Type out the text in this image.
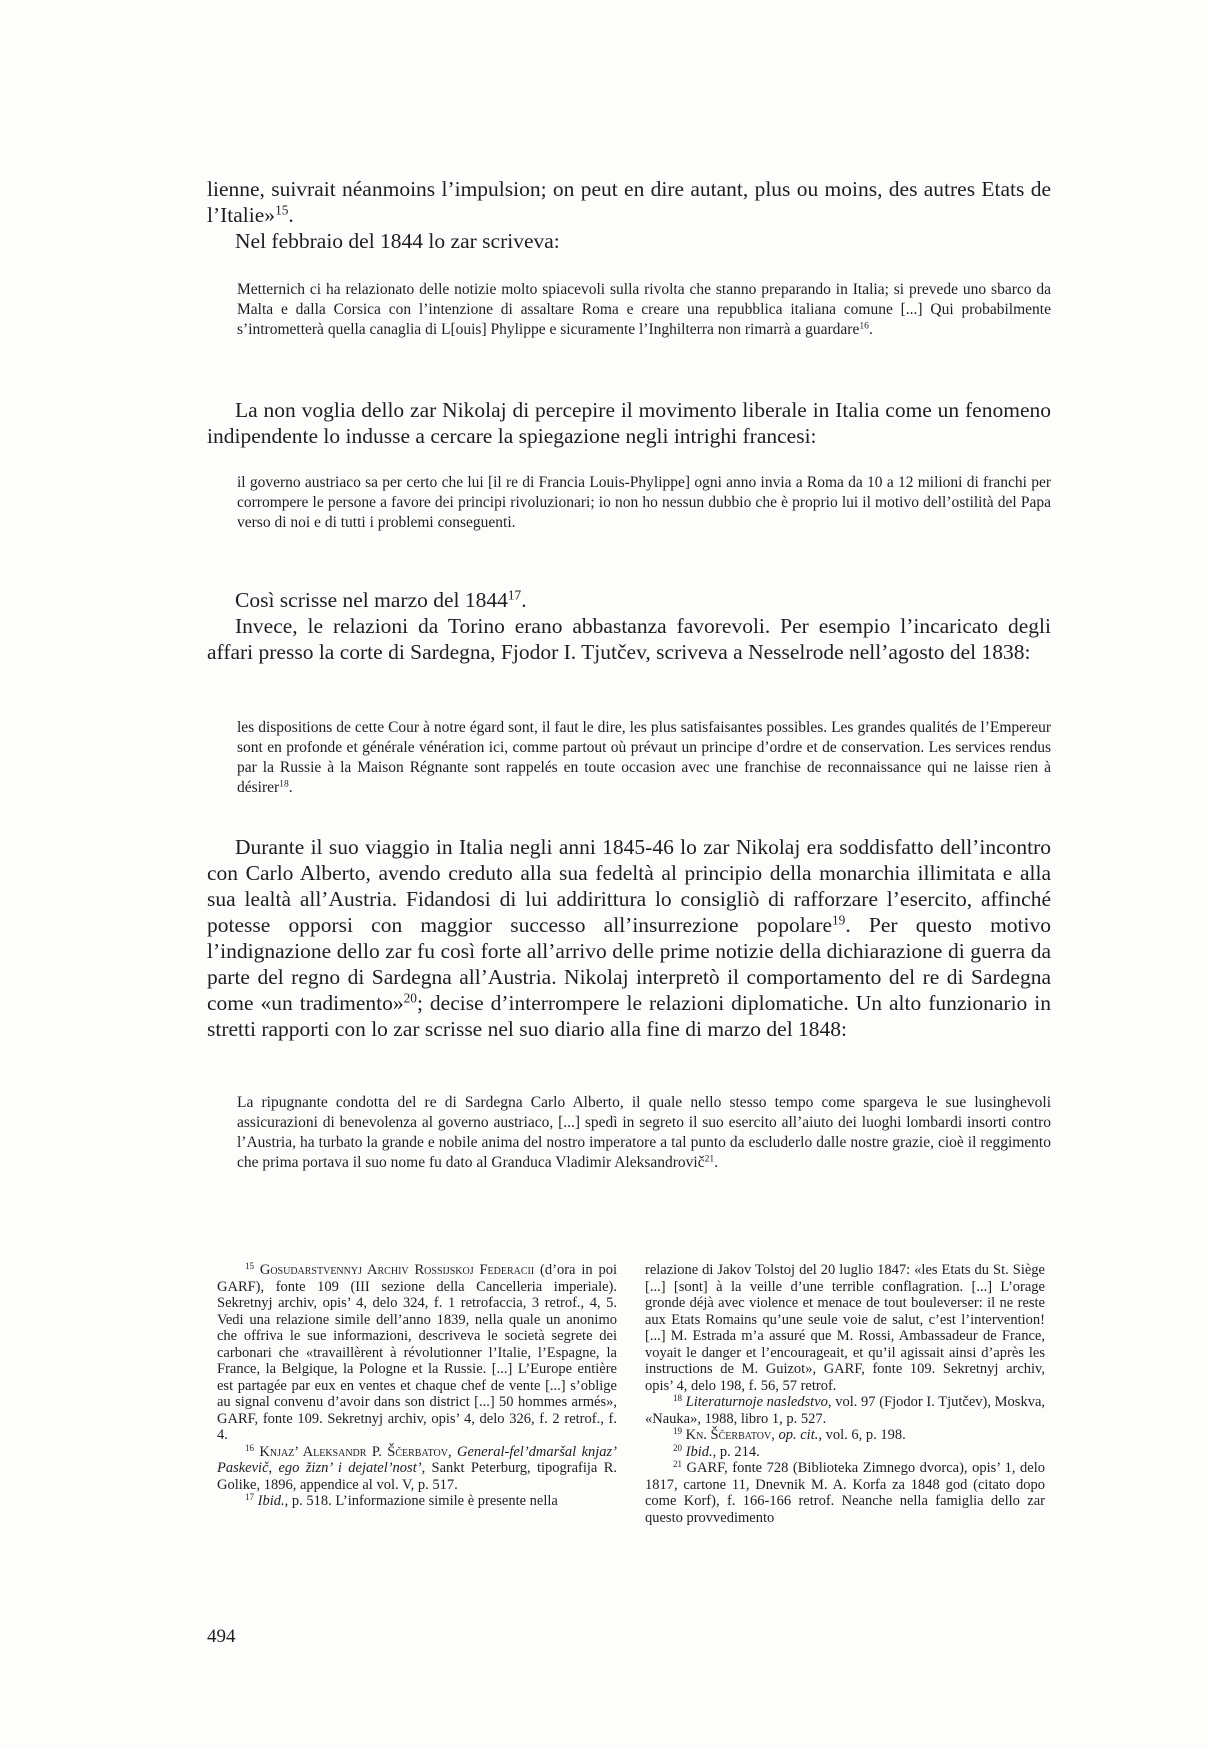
lienne, suivrait néanmoins l’impulsion; on peut en dire autant, plus ou moins, des autres Etats de l’Italie»$^{15}$.
Nel febbraio del 1844 lo zar scriveva:

Metternich ci ha relazionato delle notizie molto spiacevoli sulla rivolta che stanno preparando in Italia; si prevede uno sbarco da Malta e dalla Corsica con l’intenzione di assaltare Roma e creare una repubblica italiana comune [...] Qui probabilmente s’intrometterà quella canaglia di L[ouis] Phylippe e sicuramente l’Inghilterra non rimarrà a guardare$^{16}$.

La non voglia dello zar Nikolaj di percepire il movimento liberale in Italia come un fenomeno indipendente lo indusse a cercare la spiegazione negli intrighi francesi:

il governo austriaco sa per certo che lui [il re di Francia Louis-Phylippe] ogni anno invia a Roma da 10 a 12 milioni di franchi per corrompere le persone a favore dei principi rivoluzionari; io non ho nessun dubbio che è proprio lui il motivo dell’ostilità del Papa verso di noi e di tutti i problemi conseguenti.

Così scrisse nel marzo del 1844$^{17}$.
Invece, le relazioni da Torino erano abbastanza favorevoli. Per esempio l’incaricato degli affari presso la corte di Sardegna, Fjodor I. Tjutčev, scriveva a Nesselrode nell’agosto del 1838:

les dispositions de cette Cour à notre égard sont, il faut le dire, les plus satisfaisantes possibles. Les grandes qualités de l’Empereur sont en profonde et générale vénération ici, comme partout où prévaut un principe d’ordre et de conservation. Les services rendus par la Russie à la Maison Régnante sont rappelés en toute occasion avec une franchise de reconnaissance qui ne laisse rien à désirer$^{18}$.

Durante il suo viaggio in Italia negli anni 1845-46 lo zar Nikolaj era soddisfatto dell’incontro con Carlo Alberto, avendo creduto alla sua fedeltà al principio della monarchia illimitata e alla sua lealtà all’Austria. Fidandosi di lui addirittura lo consigliò di rafforzare l’esercito, affinché potesse opporsi con maggior successo all’insurrezione popolare$^{19}$. Per questo motivo l’indignazione dello zar fu così forte all’arrivo delle prime notizie della dichiarazione di guerra da parte del regno di Sardegna all’Austria. Nikolaj interpretò il comportamento del re di Sardegna come «un tradimento»$^{20}$; decise d’interrompere le relazioni diplomatiche. Un alto funzionario in stretti rapporti con lo zar scrisse nel suo diario alla fine di marzo del 1848:

La ripugnante condotta del re di Sardegna Carlo Alberto, il quale nello stesso tempo come spargeva le sue lusinghevoli assicurazioni di benevolenza al governo austriaco, [...] spedì in segreto il suo esercito all’aiuto dei luoghi lombardi insorti contro l’Austria, ha turbato la grande e nobile anima del nostro imperatore a tal punto da escluderlo dalle nostre grazie, cioè il reggimento che prima portava il suo nome fu dato al Granduca Vladimir Aleksandrovič$^{21}$.

$^{15}$ Gosudarstvennyj Archiv Rossijskoj Federacii (d’ora in poi GARF), fonte 109 (III sezione della Cancelleria imperiale). Sekretnyj archiv, opis’ 4, delo 324, f. 1 retrofaccia, 3 retrof., 4, 5. Vedi una relazione simile dell’anno 1839, nella quale un anonimo che offriva le sue informazioni, descriveva le società segrete dei carbonari che «travaillèrent à révolutionner l’Italie, l’Espagne, la France, la Belgique, la Pologne et la Russie. [...] L’Europe entière est partagée par eux en ventes et chaque chef de vente [...] s’oblige au signal convenu d’avoir dans son district [...] 50 hommes armés», GARF, fonte 109. Sekretnyj archiv, opis’ 4, delo 326, f. 2 retrof., f. 4.

$^{16}$ Knjaz’ Aleksandr P. Ščerbatov, General-fel’dmaršal knjaz’ Paskevič, ego žizn’ i dejatel’nost’, Sankt Peterburg, tipografija R. Golike, 1896, appendice al vol. V, p. 517.

$^{17}$ Ibid., p. 518. L’informazione simile è presente nella

relazione di Jakov Tolstoj del 20 luglio 1847: «les Etats du St. Siège [...] [sont] à la veille d’une terrible conflagration. [...] L’orage gronde déjà avec violence et menace de tout bouleverser: il ne reste aux Etats Romains qu’une seule voie de salut, c’est l’intervention! [...] M. Estrada m’a assuré que M. Rossi, Ambassadeur de France, voyait le danger et l’encourageait, et qu’il agissait ainsi d’après les instructions de M. Guizot», GARF, fonte 109. Sekretnyj archiv, opis’ 4, delo 198, f. 56, 57 retrof.

$^{18}$ Literaturnoje nasledstvo, vol. 97 (Fjodor I. Tjutčev), Moskva, «Nauka», 1988, libro 1, p. 527.

$^{19}$ Kn. Ščerbatov, op. cit., vol. 6, p. 198.

$^{20}$ Ibid., p. 214.

$^{21}$ GARF, fonte 728 (Biblioteka Zimnego dvorca), opis’ 1, delo 1817, cartone 11, Dnevnik M. A. Korfa za 1848 god (citato dopo come Korf), f. 166-166 retrof. Neanche nella famiglia dello zar questo provvedimento

494
